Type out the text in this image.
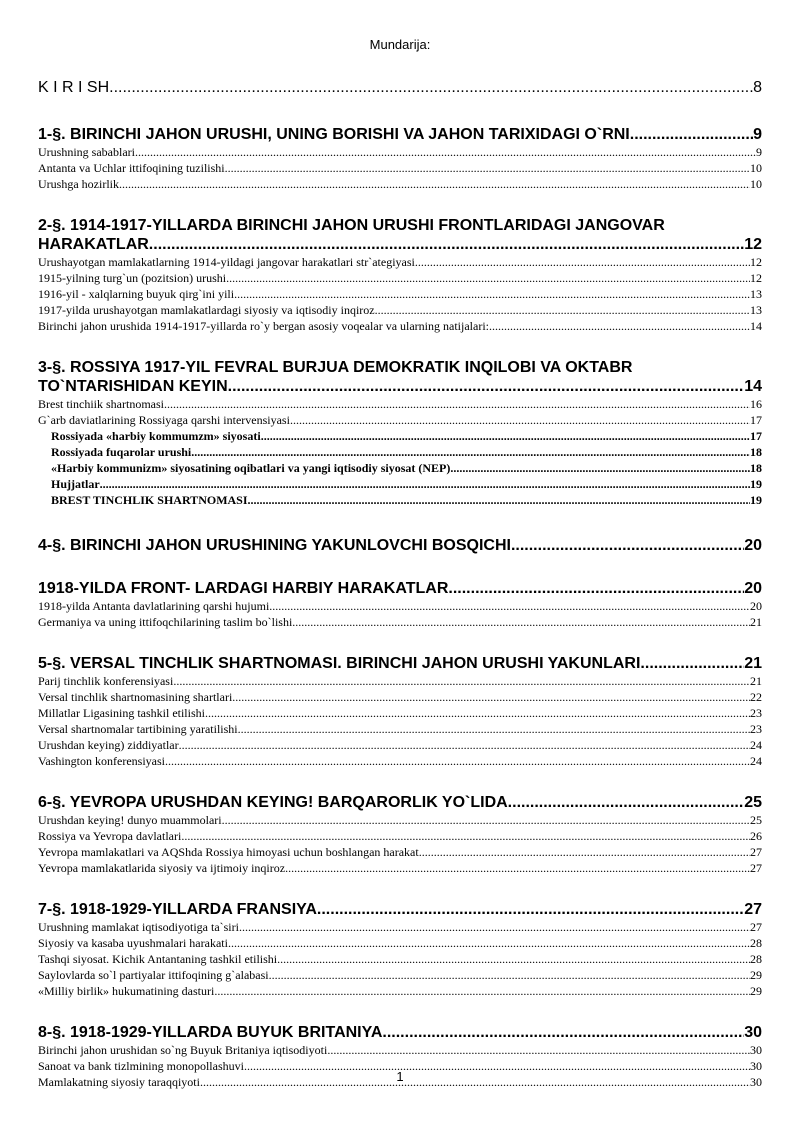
Mundarija:
K I R I SH .....	8
1-§. BIRINCHI JAHON URUSHI, UNING BORISHI VA JAHON TARIXIDAGI O`RNI .....	9
Urushning sabablari .....	9
Antanta va Uchlar ittifoqining tuzilishi .....	10
Urushga hozirlik .....	10
2-§. 1914-1917-YILLARDA BIRINCHI JAHON URUSHI FRONTLARIDAGI JANGOVAR
HARAKATLAR .....	12
Urushayotgan mamlakatlarning 1914-yildagi jangovar harakatlari str`ategiyasi .....	12
1915-yilning turg`un (pozitsion) urushi .....	12
1916-yil - xalqlarning buyuk qirg`ini yili .....	13
1917-yilda urushayotgan mamlakatlardagi siyosiy va iqtisodiy inqiroz .....	13
Birinchi jahon urushida 1914-1917-yillarda ro`y bergan asosiy voqealar va ularning natijalari: .....	14
3-§. ROSSIYA 1917-YIL FEVRAL BURJUA DEMOKRATIK INQILOBI VA OKTABR
TO`NTARISHIDAN KEYIN .....	14
Brest tinchiik shartnomasi .....	16
G`arb daviatlarining Rossiyaga qarshi intervensiyasi .....	17
Rossiyada «harbiy kommumzm» siyosati .....	17
Rossiyada fuqarolar urushi .....	18
«Harbiy kommunizm» siyosatining oqibatlari va yangi iqtisodiy siyosat (NEP) .....	18
Hujjatlar .....	19
BREST TINCHLIK SHARTNOMASI .....	19
4-§. BIRINCHI JAHON URUSHINING YAKUNLOVCHI BOSQICHI .....	20
1918-YILDA FRONT- LARDAGI HARBIY HARAKATLAR .....	20
1918-yilda Antanta davlatlarining qarshi hujumi .....	20
Germaniya va uning ittifoqchilarining taslim bo`lishi .....	21
5-§. VERSAL TINCHLIK SHARTNOMASI. BIRINCHI JAHON URUSHI YAKUNLARI .....	21
Parij tinchlik konferensiyasi .....	21
Versal tinchlik shartnomasining shartlari .....	22
Millatlar Ligasining tashkil etilishi .....	23
Versal shartnomalar tartibining yaratilishi .....	23
Urushdan keying) ziddiyatlar .....	24
Vashington konferensiyasi .....	24
6-§. YEVROPA URUSHDAN KEYING! BARQARORLIK YO`LIDA .....	25
Urushdan keying! dunyo muammolari .....	25
Rossiya va Yevropa davlatlari .....	26
Yevropa mamlakatlari va AQShda Rossiya himoyasi uchun boshlangan harakat .....	27
Yevropa mamlakatlarida siyosiy va ijtimoiy inqiroz .....	27
7-§. 1918-1929-YILLARDA FRANSIYA .....	27
Urushning mamlakat iqtisodiyotiga ta`siri .....	27
Siyosiy va kasaba uyushmalari harakati .....	28
Tashqi siyosat. Kichik Antantaning tashkil etilishi .....	28
Saylovlarda so`l partiyalar ittifoqining g`alabasi .....	29
«Milliy birlik» hukumatining dasturi .....	29
8-§. 1918-1929-YILLARDA BUYUK BRITANIYA .....	30
Birinchi jahon urushidan so`ng Buyuk Britaniya iqtisodiyoti .....	30
Sanoat va bank tizlmining monopollashuvi .....	30
Mamlakatning siyosiy taraqqiyoti .....	30
1
